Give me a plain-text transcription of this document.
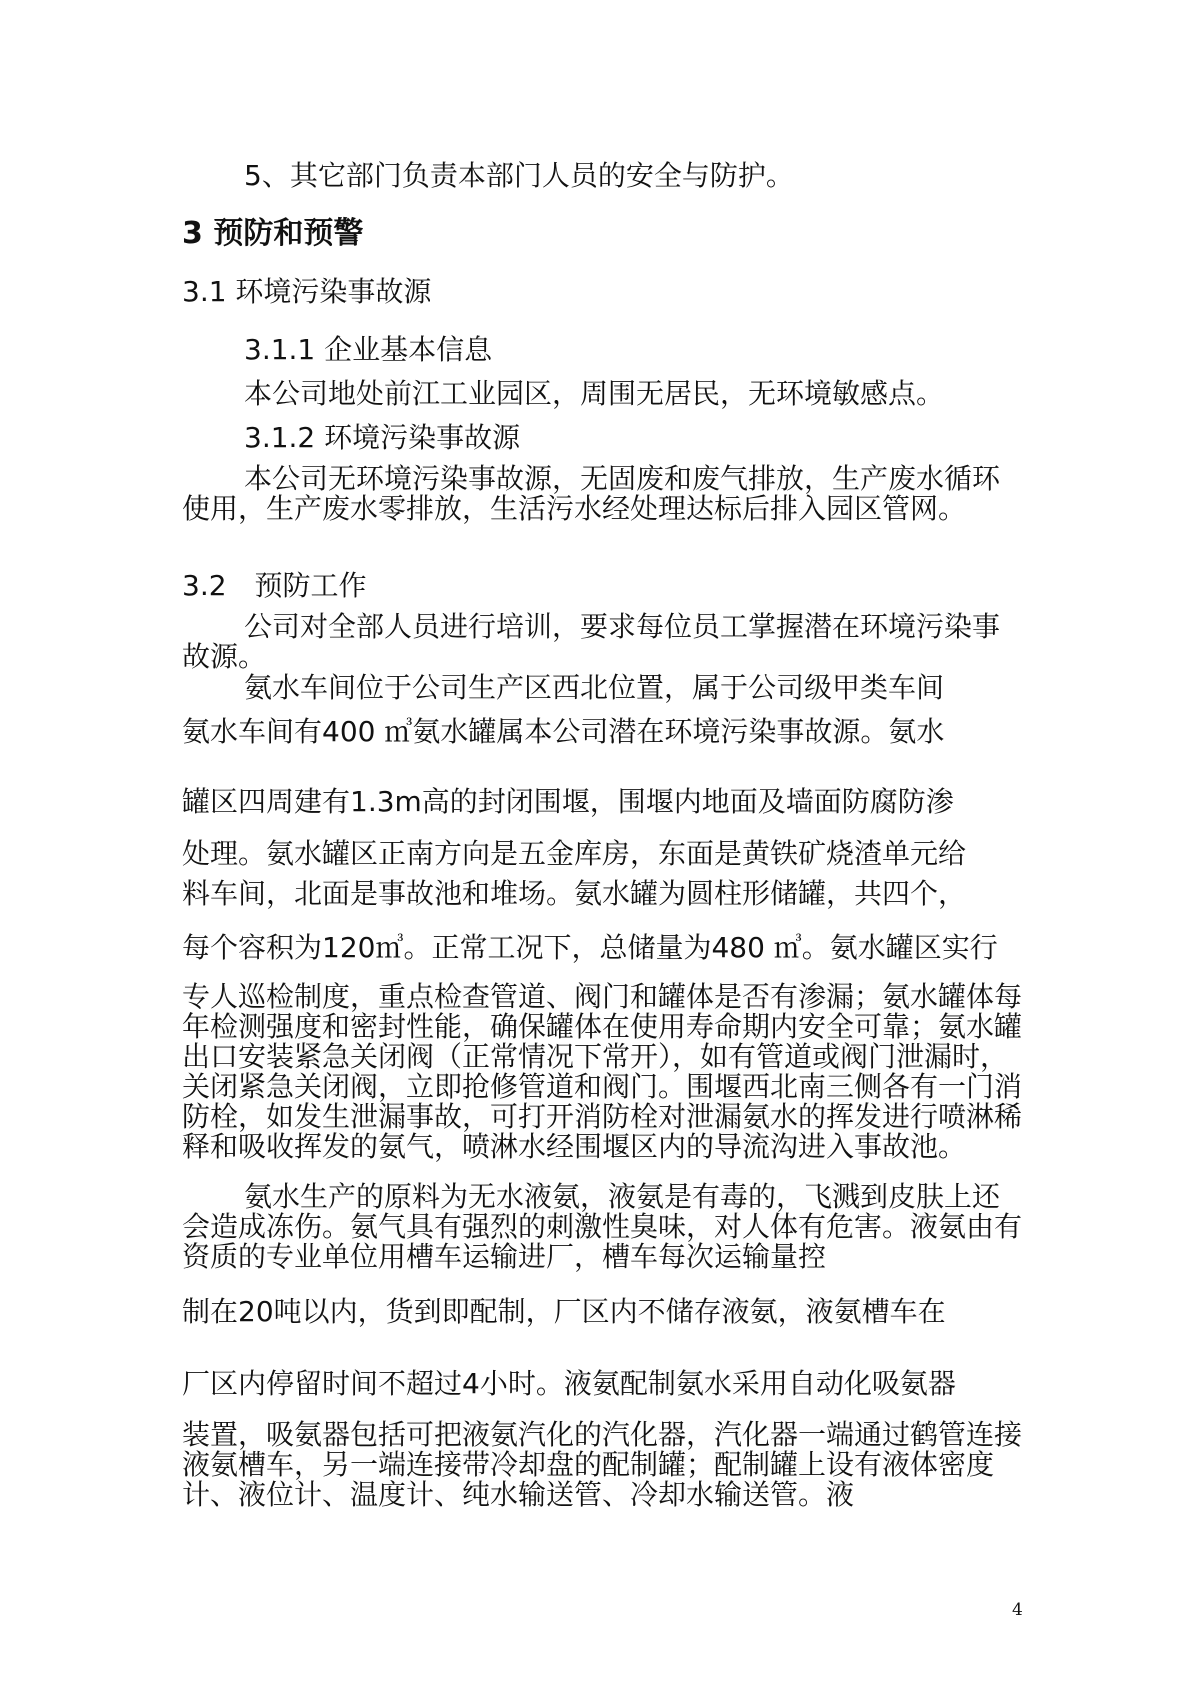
5、其它部门负责本部门人员的安全与防护。

3 预防和预警

3.1 环境污染事故源

3.1.1 企业基本信息

本公司地处前江工业园区，周围无居民，无环境敏感点。

3.1.2 环境污染事故源

本公司无环境污染事故源，无固废和废气排放，生产废水循环使用，生产废水零排放，生活污水经处理达标后排入园区管网。

3.2　预防工作

公司对全部人员进行培训，要求每位员工掌握潜在环境污染事故源。

氨水车间位于公司生产区西北位置，属于公司级甲类车间

氨水车间有400 ㎥氨水罐属本公司潜在环境污染事故源。氨水

罐区四周建有1.3m高的封闭围堰，围堰内地面及墙面防腐防渗

处理。氨水罐区正南方向是五金库房，东面是黄铁矿烧渣单元给

料车间，北面是事故池和堆场。氨水罐为圆柱形储罐，共四个，

每个容积为120㎥。正常工况下，总储量为480 ㎥。氨水罐区实行

专人巡检制度，重点检查管道、阀门和罐体是否有渗漏；氨水罐体每年检测强度和密封性能，确保罐体在使用寿命期内安全可靠；氨水罐出口安装紧急关闭阀（正常情况下常开），如有管道或阀门泄漏时，关闭紧急关闭阀，立即抢修管道和阀门。围堰西北南三侧各有一门消防栓，如发生泄漏事故，可打开消防栓对泄漏氨水的挥发进行喷淋稀释和吸收挥发的氨气，喷淋水经围堰区内的导流沟进入事故池。

氨水生产的原料为无水液氨，液氨是有毒的，飞溅到皮肤上还会造成冻伤。氨气具有强烈的刺激性臭味，对人体有危害。液氨由有资质的专业单位用槽车运输进厂，槽车每次运输量控

制在20吨以内，货到即配制，厂区内不储存液氨，液氨槽车在

厂区内停留时间不超过4小时。液氨配制氨水采用自动化吸氨器

装置，吸氨器包括可把液氨汽化的汽化器，汽化器一端通过鹤管连接液氨槽车，另一端连接带冷却盘的配制罐；配制罐上设有液体密度计、液位计、温度计、纯水输送管、冷却水输送管。液

4
